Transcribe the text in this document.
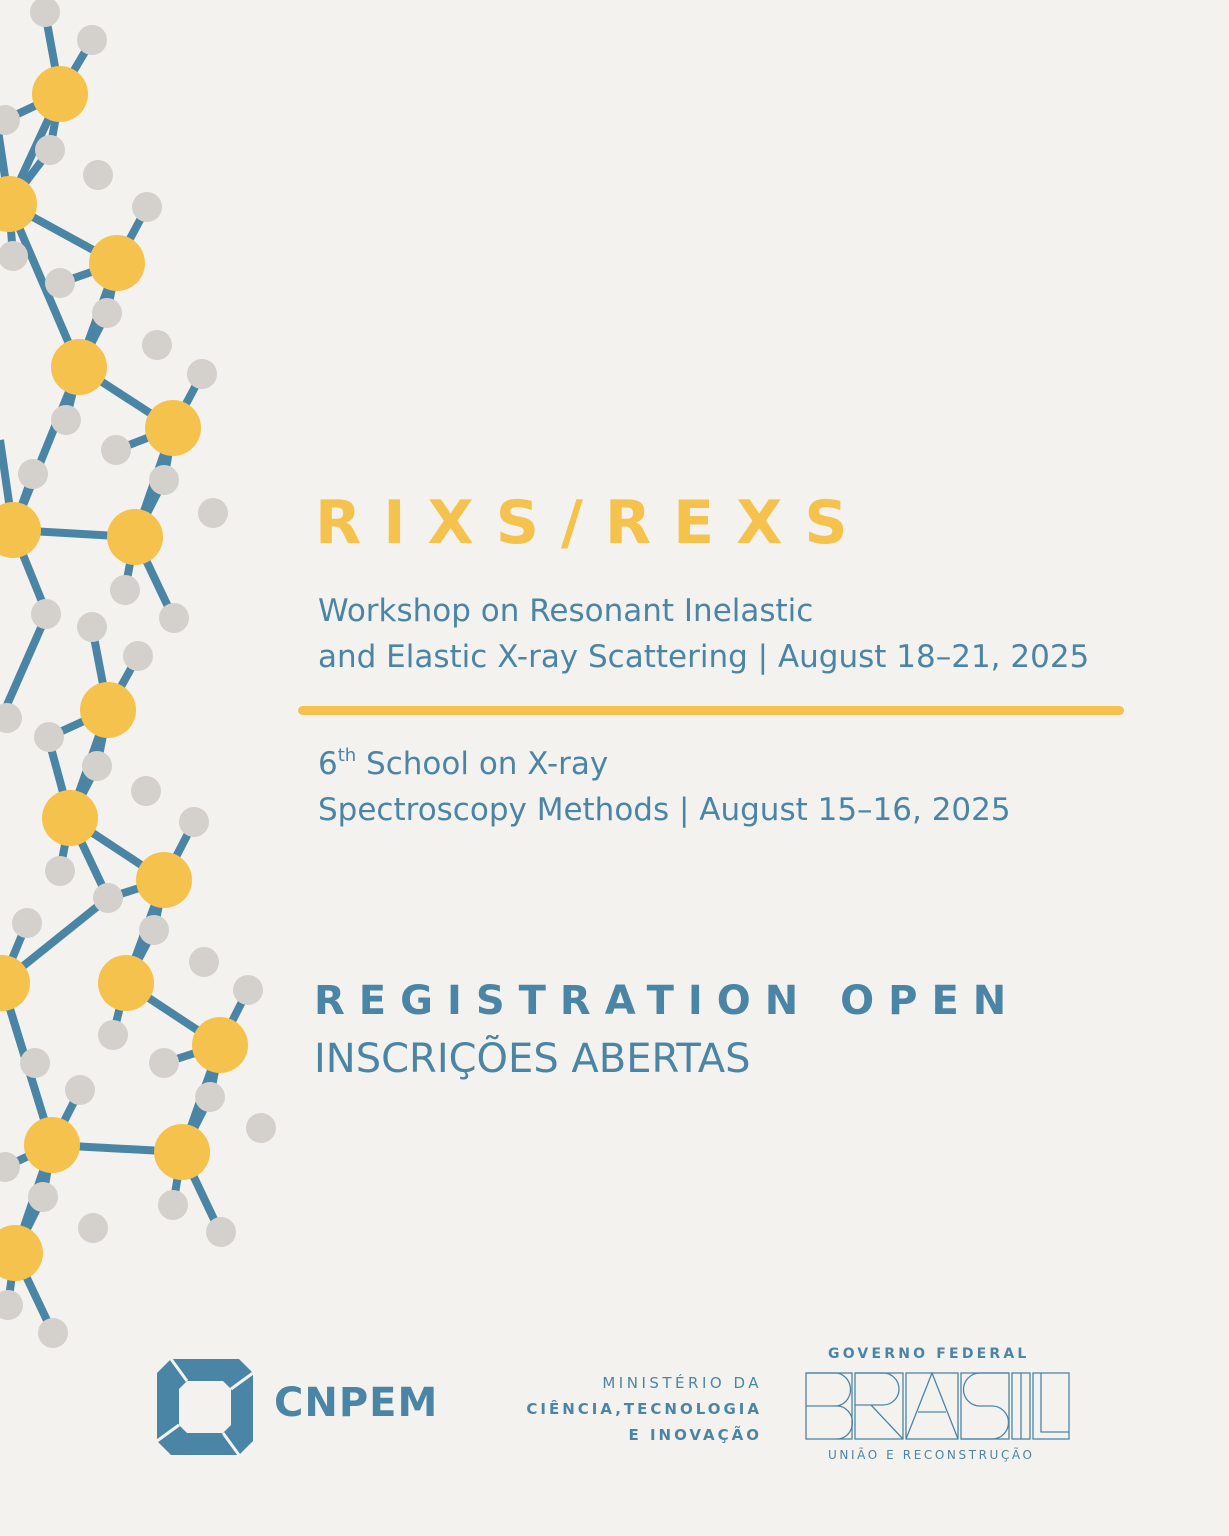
RIXS/REXS
Workshop on Resonant Inelastic
and Elastic X-ray Scattering | August 18–21, 2025
6th School on X-ray
Spectroscopy Methods | August 15–16, 2025
REGISTRATION OPEN
INSCRIÇÕES ABERTAS
CNPEM	MINISTÉRIO DA
CIÊNCIA,TECNOLOGIA
E INOVAÇÃO
GOVERNO FEDERAL
UNIÃO E RECONSTRUÇÃO
